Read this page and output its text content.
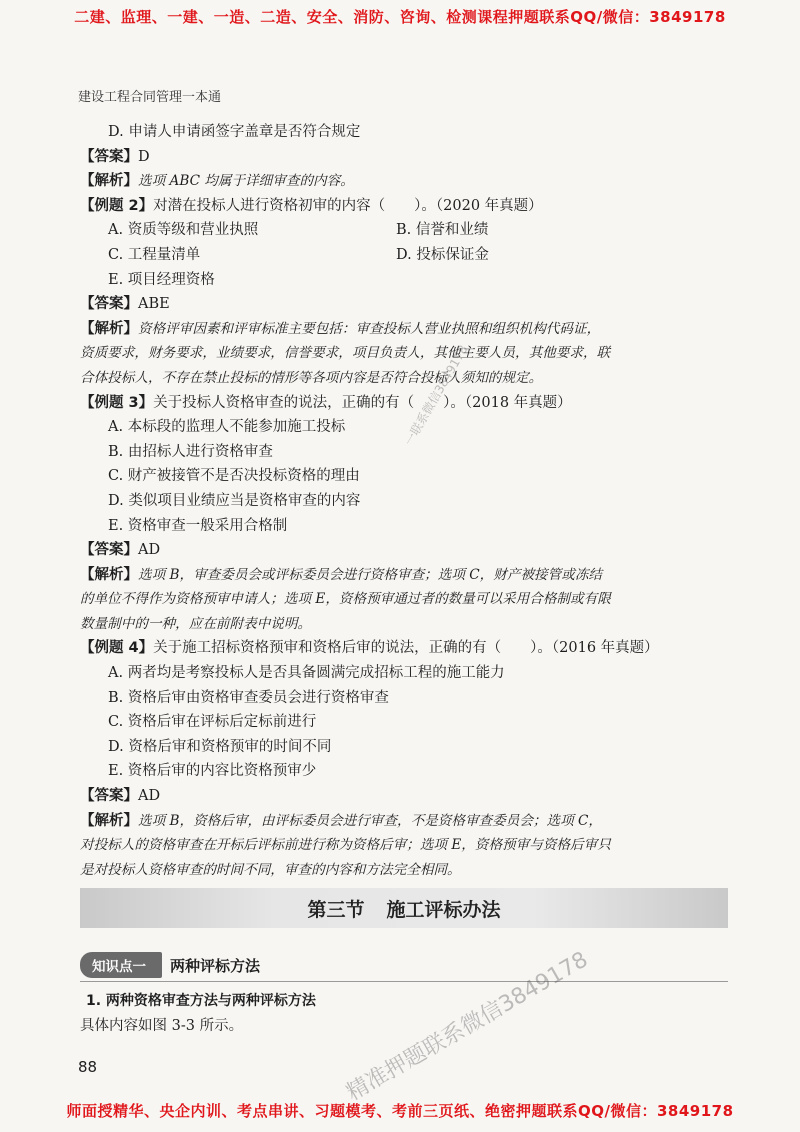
二建、监理、一建、一造、二造、安全、消防、咨询、检测课程押题联系QQ/微信：3849178
建设工程合同管理一本通
D. 申请人申请函签字盖章是否符合规定
【答案】D
【解析】选项 ABC 均属于详细审查的内容。
【例题 2】对潜在投标人进行资格初审的内容（　　）。（2020 年真题）
A. 资质等级和营业执照	B. 信誉和业绩
C. 工程量清单	D. 投标保证金
E. 项目经理资格
【答案】ABE
【解析】资格评审因素和评审标准主要包括：审查投标人营业执照和组织机构代码证，
资质要求，财务要求，业绩要求，信誉要求，项目负责人，其他主要人员，其他要求，联
合体投标人，不存在禁止投标的情形等各项内容是否符合投标人须知的规定。
【例题 3】关于投标人资格审查的说法，正确的有（　　）。（2018 年真题）
A. 本标段的监理人不能参加施工投标
B. 由招标人进行资格审查
C. 财产被接管不是否决投标资格的理由
D. 类似项目业绩应当是资格审查的内容
E. 资格审查一般采用合格制
【答案】AD
【解析】选项 B，审查委员会或评标委员会进行资格审查；选项 C，财产被接管或冻结
的单位不得作为资格预审申请人；选项 E，资格预审通过者的数量可以采用合格制或有限
数量制中的一种，应在前附表中说明。
【例题 4】关于施工招标资格预审和资格后审的说法，正确的有（　　）。（2016 年真题）
A. 两者均是考察投标人是否具备圆满完成招标工程的施工能力
B. 资格后审由资格审查委员会进行资格审查
C. 资格后审在评标后定标前进行
D. 资格后审和资格预审的时间不同
E. 资格后审的内容比资格预审少
【答案】AD
【解析】选项 B，资格后审，由评标委员会进行审查，不是资格审查委员会；选项 C，
对投标人的资格审查在开标后评标前进行称为资格后审；选项 E，资格预审与资格后审只
是对投标人资格审查的时间不同，审查的内容和方法完全相同。
第三节 施工评标办法
知识点一	两种评标方法
1. 两种资格审查方法与两种评标方法
具体内容如图 3-3 所示。
88
一联系微信3849178
精准押题联系微信3849178
师面授精华、央企内训、考点串讲、习题模考、考前三页纸、绝密押题联系QQ/微信：3849178
